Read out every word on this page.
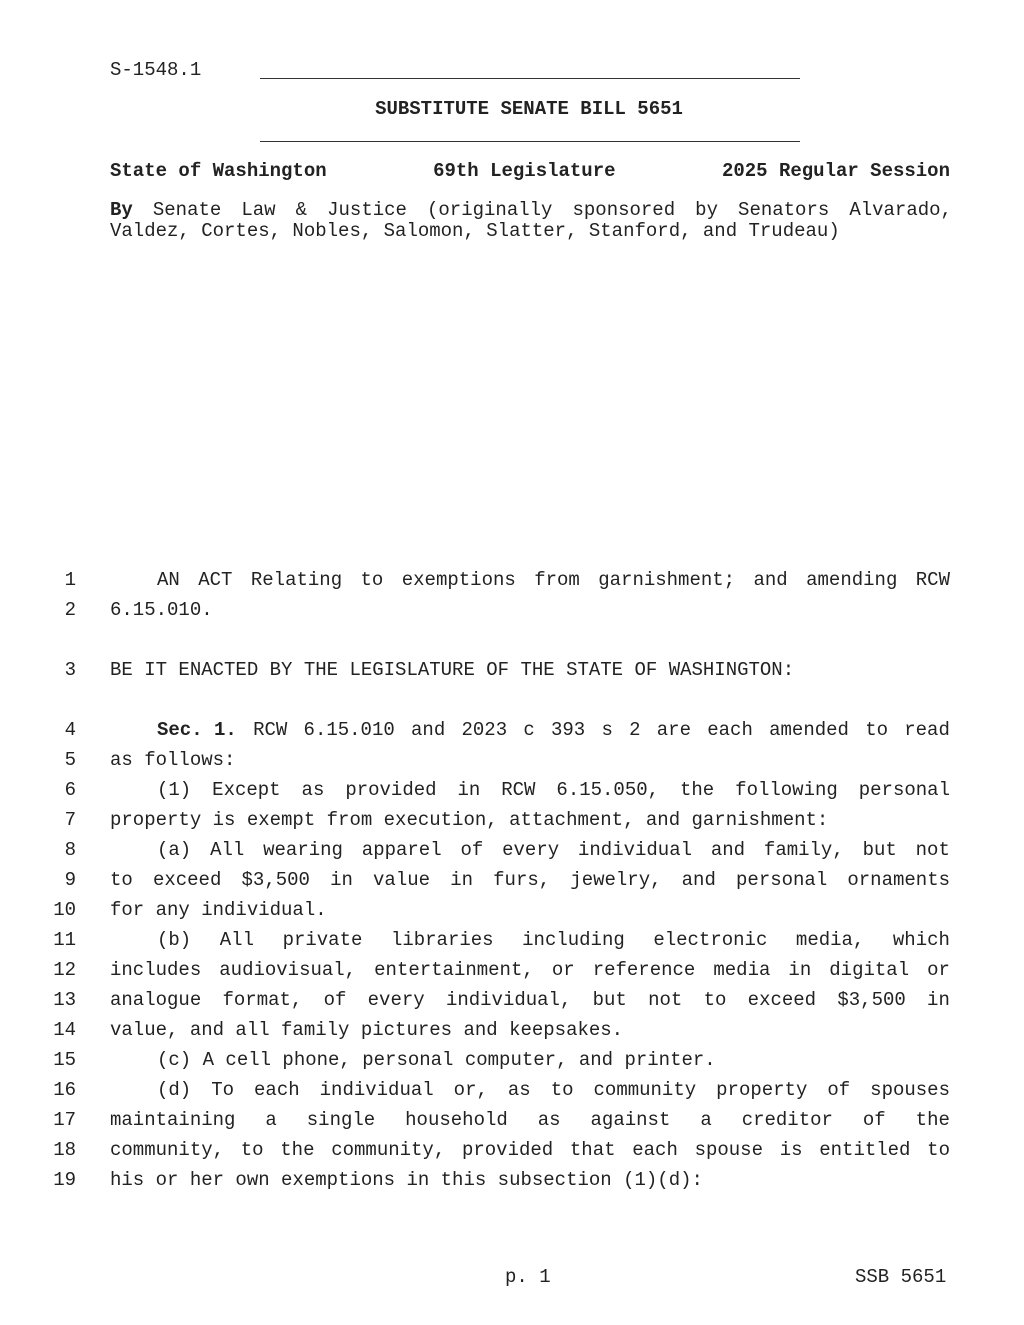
S-1548.1
SUBSTITUTE SENATE BILL 5651
State of Washington	69th Legislature	2025 Regular Session
By Senate Law & Justice (originally sponsored by Senators Alvarado,
Valdez, Cortes, Nobles, Salomon, Slatter, Stanford, and Trudeau)
1	AN ACT Relating to exemptions from garnishment; and amending RCW
2 6.15.010.
3 BE IT ENACTED BY THE LEGISLATURE OF THE STATE OF WASHINGTON:
4	Sec. 1. RCW 6.15.010 and 2023 c 393 s 2 are each amended to read
5 as follows:
6	(1) Except as provided in RCW 6.15.050, the following personal
7 property is exempt from execution, attachment, and garnishment:
8	(a) All wearing apparel of every individual and family, but not
9 to exceed $3,500 in value in furs, jewelry, and personal ornaments
10 for any individual.
11	(b) All private libraries including electronic media, which
12 includes audiovisual, entertainment, or reference media in digital or
13 analogue format, of every individual, but not to exceed $3,500 in
14 value, and all family pictures and keepsakes.
15	(c) A cell phone, personal computer, and printer.
16	(d) To each individual or, as to community property of spouses
17 maintaining a single household as against a creditor of the
18 community, to the community, provided that each spouse is entitled to
19 his or her own exemptions in this subsection (1)(d):
p. 1	SSB 5651
